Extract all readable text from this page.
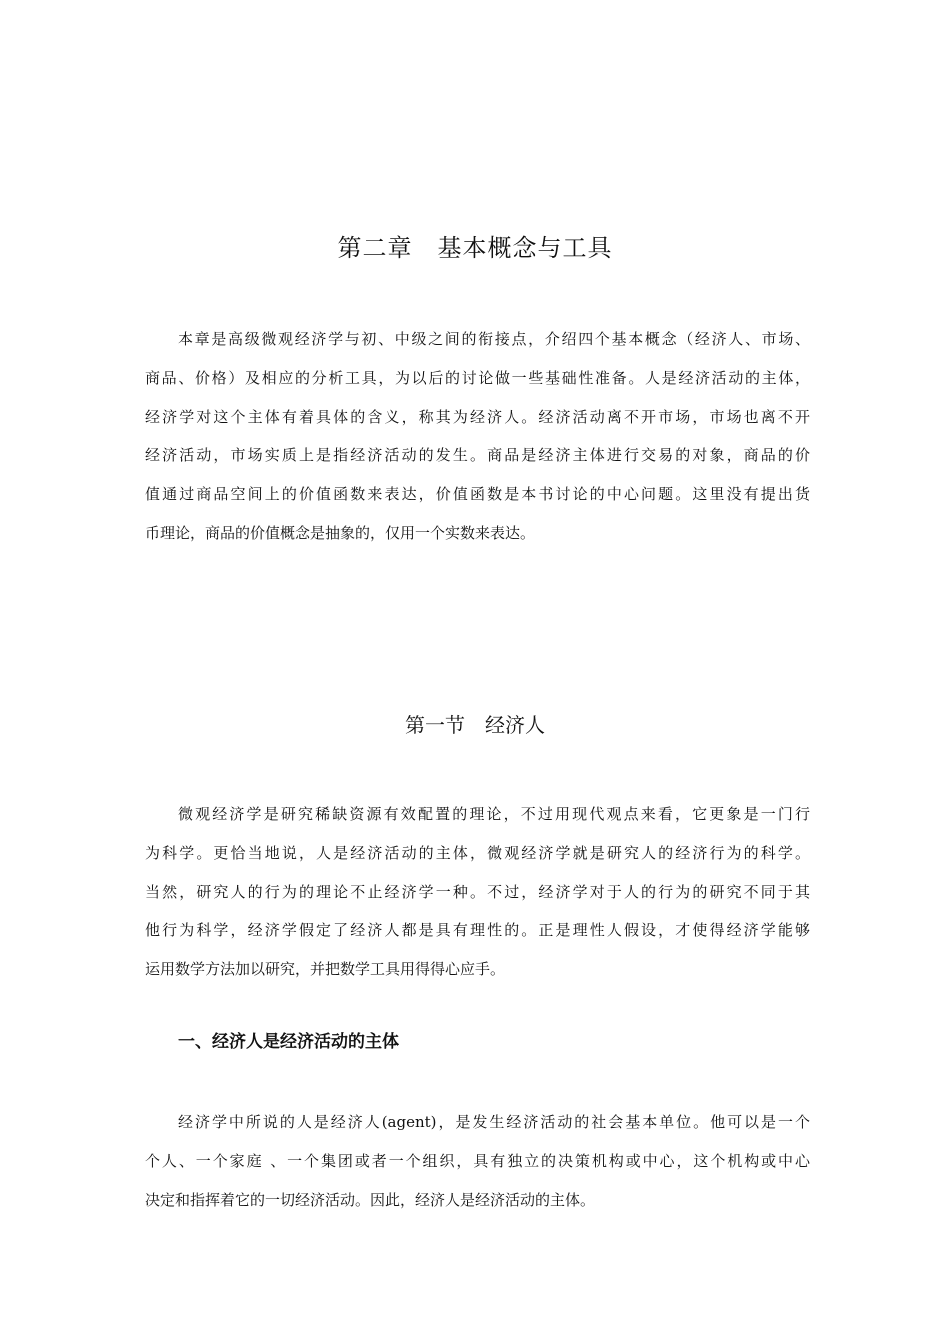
第二章　基本概念与工具
本章是高级微观经济学与初、中级之间的衔接点，介绍四个基本概念（经济人、市场、
商品、价格）及相应的分析工具，为以后的讨论做一些基础性准备。人是经济活动的主体，
经济学对这个主体有着具体的含义，称其为经济人。经济活动离不开市场，市场也离不开
经济活动，市场实质上是指经济活动的发生。商品是经济主体进行交易的对象，商品的价
值通过商品空间上的价值函数来表达，价值函数是本书讨论的中心问题。这里没有提出货
币理论，商品的价值概念是抽象的，仅用一个实数来表达。
第一节　经济人
微观经济学是研究稀缺资源有效配置的理论，不过用现代观点来看，它更象是一门行
为科学。更恰当地说，人是经济活动的主体，微观经济学就是研究人的经济行为的科学。
当然，研究人的行为的理论不止经济学一种。不过，经济学对于人的行为的研究不同于其
他行为科学，经济学假定了经济人都是具有理性的。正是理性人假设，才使得经济学能够
运用数学方法加以研究，并把数学工具用得得心应手。
一、经济人是经济活动的主体
经济学中所说的人是经济人(agent)，是发生经济活动的社会基本单位。他可以是一个
个人、一个家庭 、一个集团或者一个组织，具有独立的决策机构或中心，这个机构或中心
决定和指挥着它的一切经济活动。因此，经济人是经济活动的主体。
